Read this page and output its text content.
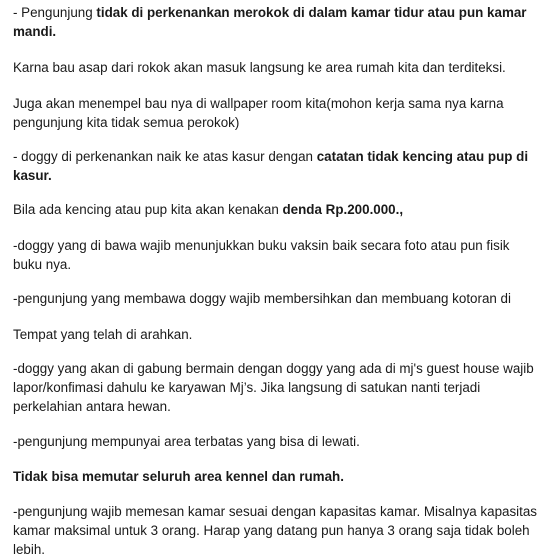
- Pengunjung tidak di perkenankan merokok di dalam kamar tidur atau pun kamar mandi.

Karna bau asap dari rokok akan masuk langsung ke area rumah kita dan terditeksi.

Juga akan menempel bau nya di wallpaper room kita(mohon kerja sama nya karna pengunjung kita tidak semua perokok)

- doggy di perkenankan naik ke atas kasur dengan catatan tidak kencing atau pup di kasur.

Bila ada kencing atau pup kita akan kenakan denda Rp.200.000.,

-doggy yang di bawa wajib menunjukkan buku vaksin baik secara foto atau pun fisik buku nya.

-pengunjung yang membawa doggy wajib membersihkan dan membuang kotoran di

Tempat yang telah di arahkan.

-doggy yang akan di gabung bermain dengan doggy yang ada di mj's guest house wajib lapor/konfimasi dahulu ke karyawan Mj’s. Jika langsung di satukan nanti terjadi perkelahian antara hewan.

-pengunjung mempunyai area terbatas yang bisa di lewati.

Tidak bisa memutar seluruh area kennel dan rumah.

-pengunjung wajib memesan kamar sesuai dengan kapasitas kamar. Misalnya kapasitas kamar maksimal untuk 3 orang. Harap yang datang pun hanya 3 orang saja tidak boleh lebih.
